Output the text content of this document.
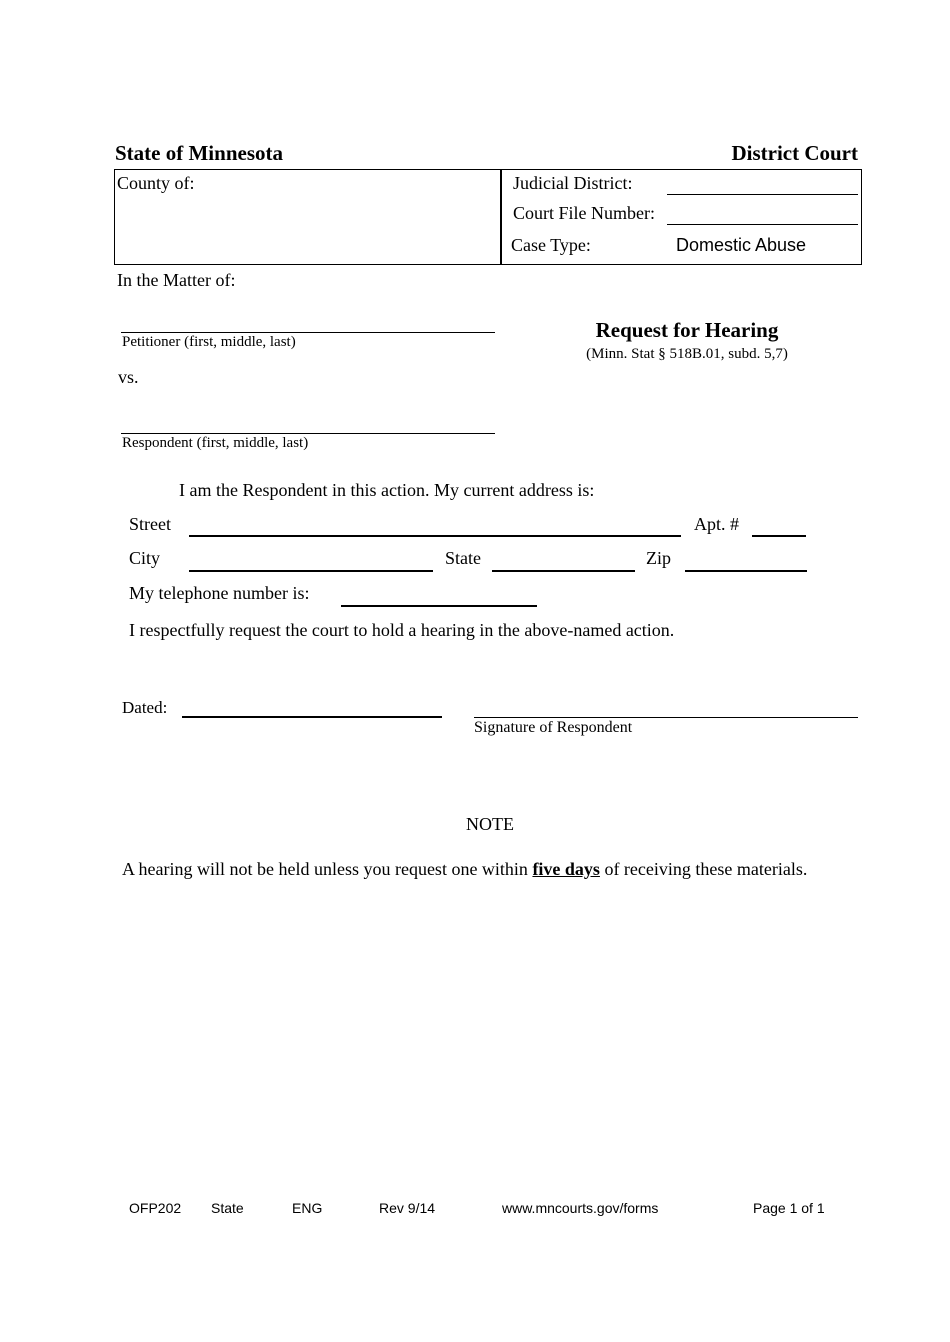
State of Minnesota	District Court
County of:	Judicial District:
Court File Number:
Case Type:	Domestic Abuse
In the Matter of:
Petitioner (first, middle, last)
vs.
Respondent (first, middle, last)
Request for Hearing
(Minn. Stat § 518B.01, subd. 5,7)
I am the Respondent in this action. My current address is:
Street	Apt. #
City	State	Zip
My telephone number is:
I respectfully request the court to hold a hearing in the above-named action.
Dated:
Signature of Respondent
NOTE
A hearing will not be held unless you request one within five days of receiving these materials.
OFP202 State	ENG	Rev 9/14	www.mncourts.gov/forms	Page 1 of 1
